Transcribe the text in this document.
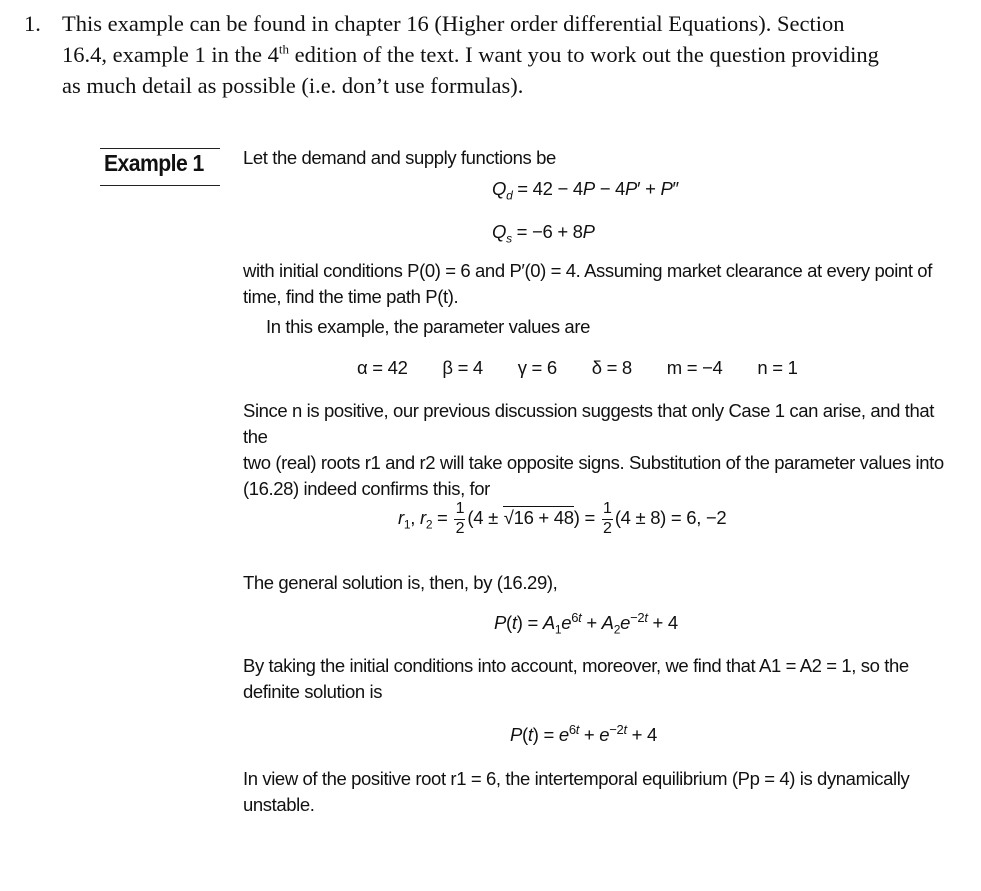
1. This example can be found in chapter 16 (Higher order differential Equations). Section
16.4, example 1 in the 4th edition of the text. I want you to work out the question providing
as much detail as possible (i.e. don’t use formulas).
Example 1 Let the demand and supply functions be
$Q_d = 42 - 4P - 4P' + P''$
$Q_s = -6 + 8P$
with initial conditions P(0) = 6 and P′(0) = 4. Assuming market clearance at every point of
time, find the time path P(t).
In this example, the parameter values are
α = 42 β = 4 γ = 6 δ = 8 m = −4 n = 1
Since n is positive, our previous discussion suggests that only Case 1 can arise, and that the
two (real) roots r1 and r2 will take opposite signs. Substitution of the parameter values into
(16.28) indeed confirms this, for
$r_1$, $r_2 = \frac{1}{2} (4 \pm √16 + 48) = \frac{1}{2} (4 \pm 8) = 6$, −2
The general solution is, then, by (16.29),
$P(t) = A_1e^{6t} + A_2e^{-2t} + 4$
By taking the initial conditions into account, moreover, we find that A1 = A2 = 1, so the
definite solution is
$P(t) = e^{6t} + e^{-2t} + 4$
In view of the positive root r1 = 6, the intertemporal equilibrium (Pp = 4) is dynamically
unstable.
